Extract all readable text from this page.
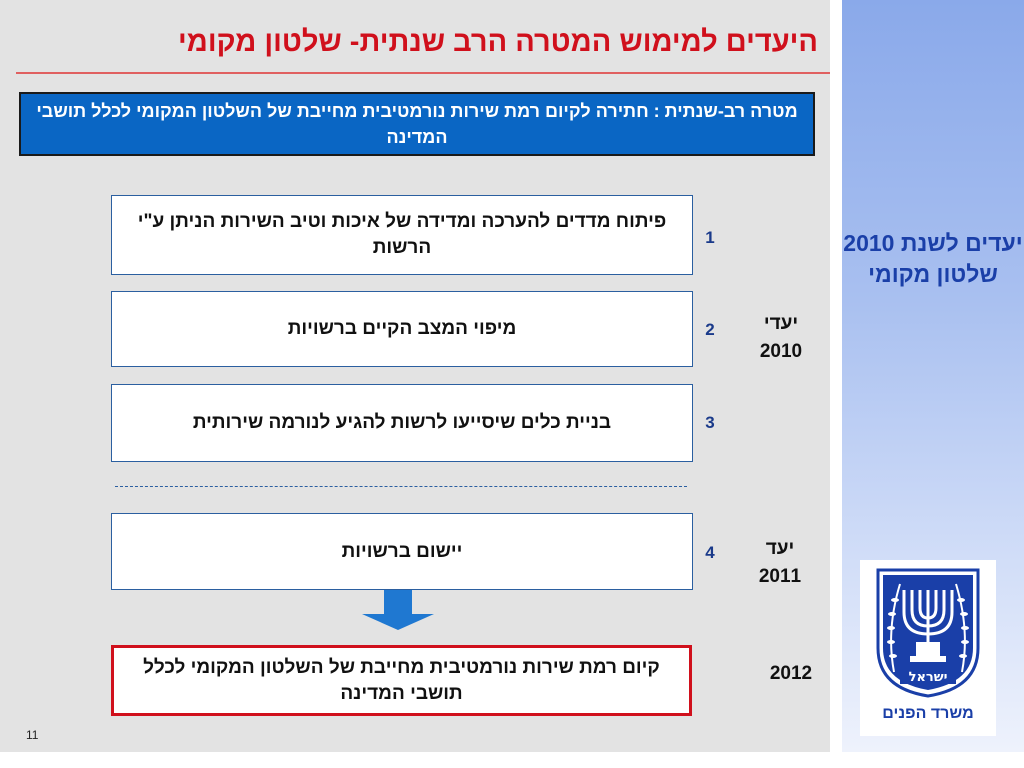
היעדים למימוש המטרה הרב שנתית- שלטון מקומי
מטרה רב-שנתית : חתירה לקיום רמת שירות נורמטיבית מחייבת של השלטון המקומי לכלל תושבי המדינה
פיתוח מדדים להערכה ומדידה של איכות וטיב השירות הניתן ע"י הרשות	1
מיפוי המצב הקיים ברשויות	2
בניית כלים שיסייעו לרשות להגיע לנורמה שירותית	3
יעדי 2010
יישום ברשויות	4	יעד 2011
קיום רמת שירות נורמטיבית מחייבת של השלטון המקומי לכלל תושבי המדינה
2012
11
יעדים לשנת 2010 שלטון מקומי
ישראל
משרד הפנים
